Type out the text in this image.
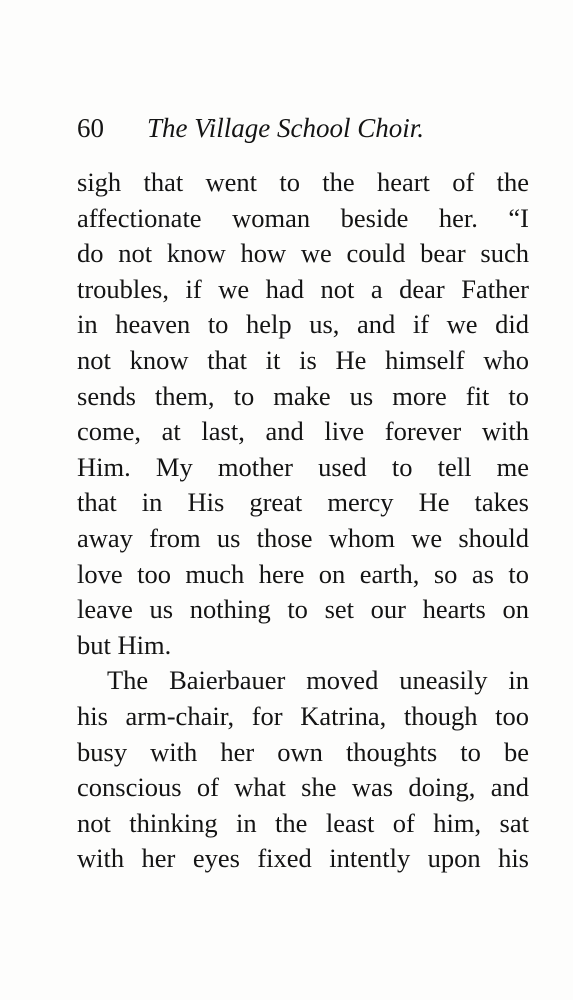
60 The Village School Choir.
sigh that went to the heart of the
affectionate woman beside her. “I
do not know how we could bear such
troubles, if we had not a dear Father
in heaven to help us, and if we did
not know that it is He himself who
sends them, to make us more fit to
come, at last, and live forever with
Him. My mother used to tell me
that in His great mercy He takes
away from us those whom we should
love too much here on earth, so as to
leave us nothing to set our hearts on
but Him.
The Baierbauer moved uneasily in
his arm-chair, for Katrina, though too
busy with her own thoughts to be
conscious of what she was doing, and
not thinking in the least of him, sat
with her eyes fixed intently upon his
